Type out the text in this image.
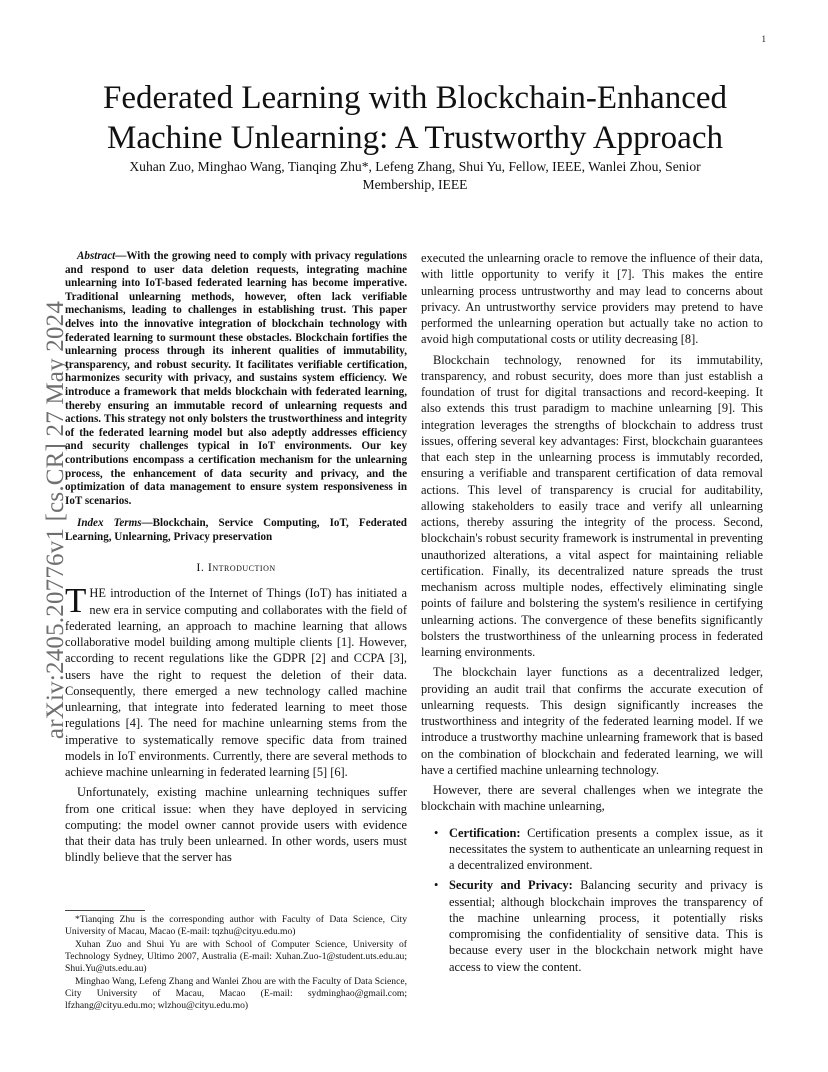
1
arXiv:2405.20776v1 [cs.CR] 27 May 2024
Federated Learning with Blockchain-Enhanced
Machine Unlearning: A Trustworthy Approach
Xuhan Zuo, Minghao Wang, Tianqing Zhu*, Lefeng Zhang, Shui Yu, Fellow, IEEE, Wanlei Zhou, Senior
Membership, IEEE

Abstract—With the growing need to comply with privacy regulations and respond to user data deletion requests, integrating machine unlearning into IoT-based federated learning has become imperative. Traditional unlearning methods, however, often lack verifiable mechanisms, leading to challenges in establishing trust. This paper delves into the innovative integration of blockchain technology with federated learning to surmount these obstacles. Blockchain fortifies the unlearning process through its inherent qualities of immutability, transparency, and robust security. It facilitates verifiable certification, harmonizes security with privacy, and sustains system efficiency. We introduce a framework that melds blockchain with federated learning, thereby ensuring an immutable record of unlearning requests and actions. This strategy not only bolsters the trustworthiness and integrity of the federated learning model but also adeptly addresses efficiency and security challenges typical in IoT environments. Our key contributions encompass a certification mechanism for the unlearning process, the enhancement of data security and privacy, and the optimization of data management to ensure system responsiveness in IoT scenarios.

Index Terms—Blockchain, Service Computing, IoT, Federated Learning, Unlearning, Privacy preservation

I. Introduction

THE introduction of the Internet of Things (IoT) has initiated a new era in service computing and collaborates with the field of federated learning, an approach to machine learning that allows collaborative model building among multiple clients [1]. However, according to recent regulations like the GDPR [2] and CCPA [3], users have the right to request the deletion of their data. Consequently, there emerged a new technology called machine unlearning, that integrate into federated learning to meet those regulations [4]. The need for machine unlearning stems from the imperative to systematically remove specific data from trained models in IoT environments. Currently, there are several methods to achieve machine unlearning in federated learning [5] [6].

Unfortunately, existing machine unlearning techniques suffer from one critical issue: when they have deployed in servicing computing: the model owner cannot provide users with evidence that their data has truly been unlearned. In other words, users must blindly believe that the server has

*Tianqing Zhu is the corresponding author with Faculty of Data Science, City University of Macau, Macao (E-mail: tqzhu@cityu.edu.mo)

Xuhan Zuo and Shui Yu are with School of Computer Science, University of Technology Sydney, Ultimo 2007, Australia (E-mail: Xuhan.Zuo-1@student.uts.edu.au; Shui.Yu@uts.edu.au)

Minghao Wang, Lefeng Zhang and Wanlei Zhou are with the Faculty of Data Science, City University of Macau, Macao (E-mail: sydminghao@gmail.com; lfzhang@cityu.edu.mo; wlzhou@cityu.edu.mo)

executed the unlearning oracle to remove the influence of their data, with little opportunity to verify it [7]. This makes the entire unlearning process untrustworthy and may lead to concerns about privacy. An untrustworthy service providers may pretend to have performed the unlearning operation but actually take no action to avoid high computational costs or utility decreasing [8].

Blockchain technology, renowned for its immutability, transparency, and robust security, does more than just establish a foundation of trust for digital transactions and record-keeping. It also extends this trust paradigm to machine unlearning [9]. This integration leverages the strengths of blockchain to address trust issues, offering several key advantages: First, blockchain guarantees that each step in the unlearning process is immutably recorded, ensuring a verifiable and transparent certification of data removal actions. This level of transparency is crucial for auditability, allowing stakeholders to easily trace and verify all unlearning actions, thereby assuring the integrity of the process. Second, blockchain's robust security framework is instrumental in preventing unauthorized alterations, a vital aspect for maintaining reliable certification. Finally, its decentralized nature spreads the trust mechanism across multiple nodes, effectively eliminating single points of failure and bolstering the system's resilience in certifying unlearning actions. The convergence of these benefits significantly bolsters the trustworthiness of the unlearning process in federated learning environments.

The blockchain layer functions as a decentralized ledger, providing an audit trail that confirms the accurate execution of unlearning requests. This design significantly increases the trustworthiness and integrity of the federated learning model. If we introduce a trustworthy machine unlearning framework that is based on the combination of blockchain and federated learning, we will have a certified machine unlearning technology.

However, there are several challenges when we integrate the blockchain with machine unlearning,

• Certification: Certification presents a complex issue, as it necessitates the system to authenticate an unlearning request in a decentralized environment.
• Security and Privacy: Balancing security and privacy is essential; although blockchain improves the transparency of the machine unlearning process, it potentially risks compromising the confidentiality of sensitive data. This is because every user in the blockchain network might have access to view the content.
